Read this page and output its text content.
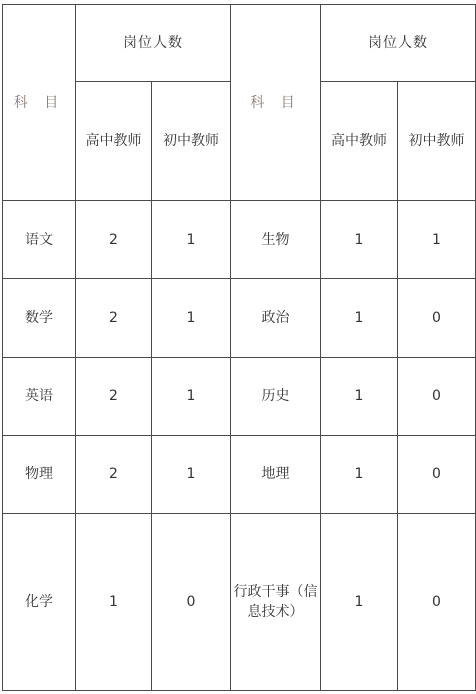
科 目	岗位人数		科 目	岗位人数	
	高中教师	初中教师		高中教师	初中教师
语文	2	1	生物	1	1
数学	2	1	政治	1	0
英语	2	1	历史	1	0
物理	2	1	地理	1	0
化学	1	0	行政干事（信息技术）	1	0
